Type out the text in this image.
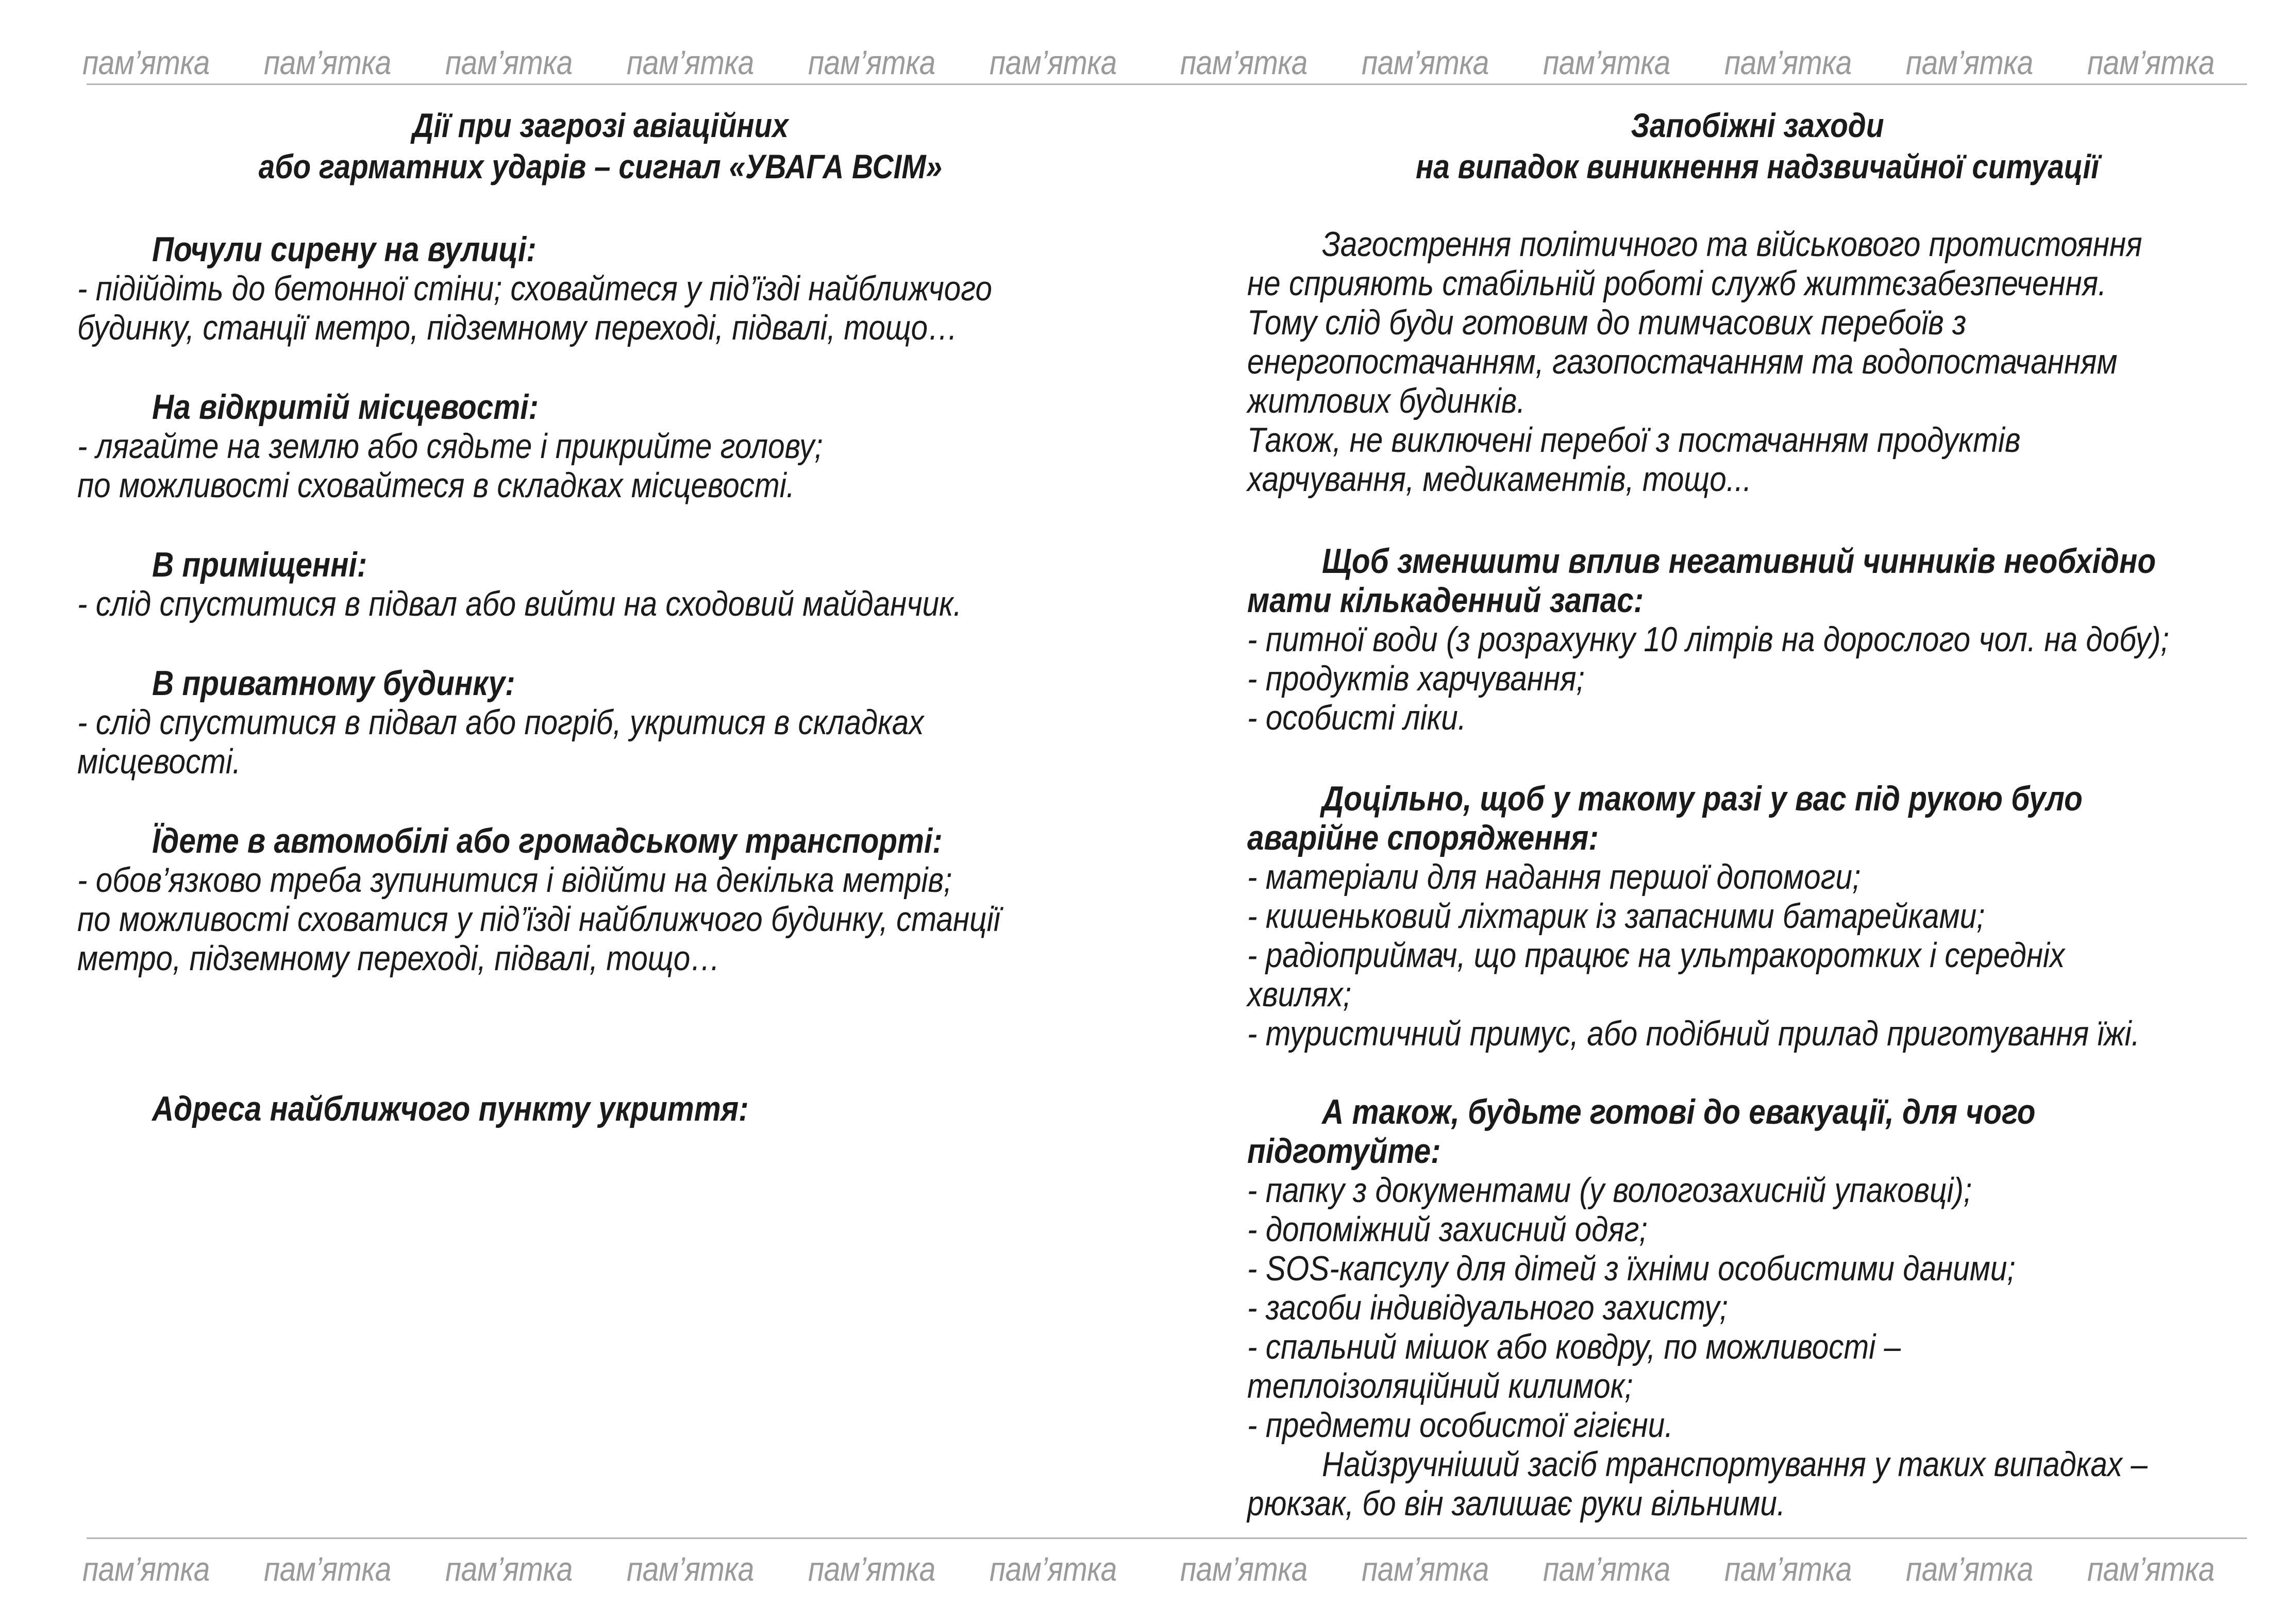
пам’ятка пам’ятка пам’ятка пам’ятка пам’ятка пам’ятка пам’ятка пам’ятка пам’ятка пам’ятка пам’ятка пам’ятка
Дії при загрозі авіаційних
або гарматних ударів – сигнал «УВАГА ВСІМ»
Почули сирену на вулиці:
- підійдіть до бетонної стіни; сховайтеся у під’їзді найближчого
будинку, станції метро, підземному переході, підвалі, тощо…
На відкритій місцевості:
- лягайте на землю або сядьте і прикрийте голову;
по можливості сховайтеся в складках місцевості.
В приміщенні:
- слід спуститися в підвал або вийти на сходовий майданчик.
В приватному будинку:
- слід спуститися в підвал або погріб, укритися в складках
місцевості.
Їдете в автомобілі або громадському транспорті:
- обов’язково треба зупинитися і відійти на декілька метрів;
по можливості сховатися у під’їзді найближчого будинку, станції
метро, підземному переході, підвалі, тощо…
Адреса найближчого пункту укриття:
Запобіжні заходи
на випадок виникнення надзвичайної ситуації
Загострення політичного та військового протистояння
не сприяють стабільній роботі служб життєзабезпечення.
Тому слід буди готовим до тимчасових перебоїв з
енергопостачанням, газопостачанням та водопостачанням
житлових будинків.
Також, не виключені перебої з постачанням продуктів
харчування, медикаментів, тощо...
Щоб зменшити вплив негативний чинників необхідно
мати кількаденний запас:
- питної води (з розрахунку 10 літрів на дорослого чол. на добу);
- продуктів харчування;
- особисті ліки.
Доцільно, щоб у такому разі у вас під рукою було
аварійне спорядження:
- матеріали для надання першої допомоги;
- кишеньковий ліхтарик із запасними батарейками;
- радіоприймач, що працює на ультракоротких і середніх
хвилях;
- туристичний примус, або подібний прилад приготування їжі.
А також, будьте готові до евакуації, для чого
підготуйте:
- папку з документами (у вологозахисній упаковці);
- допоміжний захисний одяг;
- SOS-капсулу для дітей з їхніми особистими даними;
- засоби індивідуального захисту;
- спальний мішок або ковдру, по можливості –
теплоізоляційний килимок;
- предмети особистої гігієни.
Найзручніший засіб транспортування у таких випадках –
рюкзак, бо він залишає руки вільними.
пам’ятка пам’ятка пам’ятка пам’ятка пам’ятка пам’ятка пам’ятка пам’ятка пам’ятка пам’ятка пам’ятка пам’ятка
